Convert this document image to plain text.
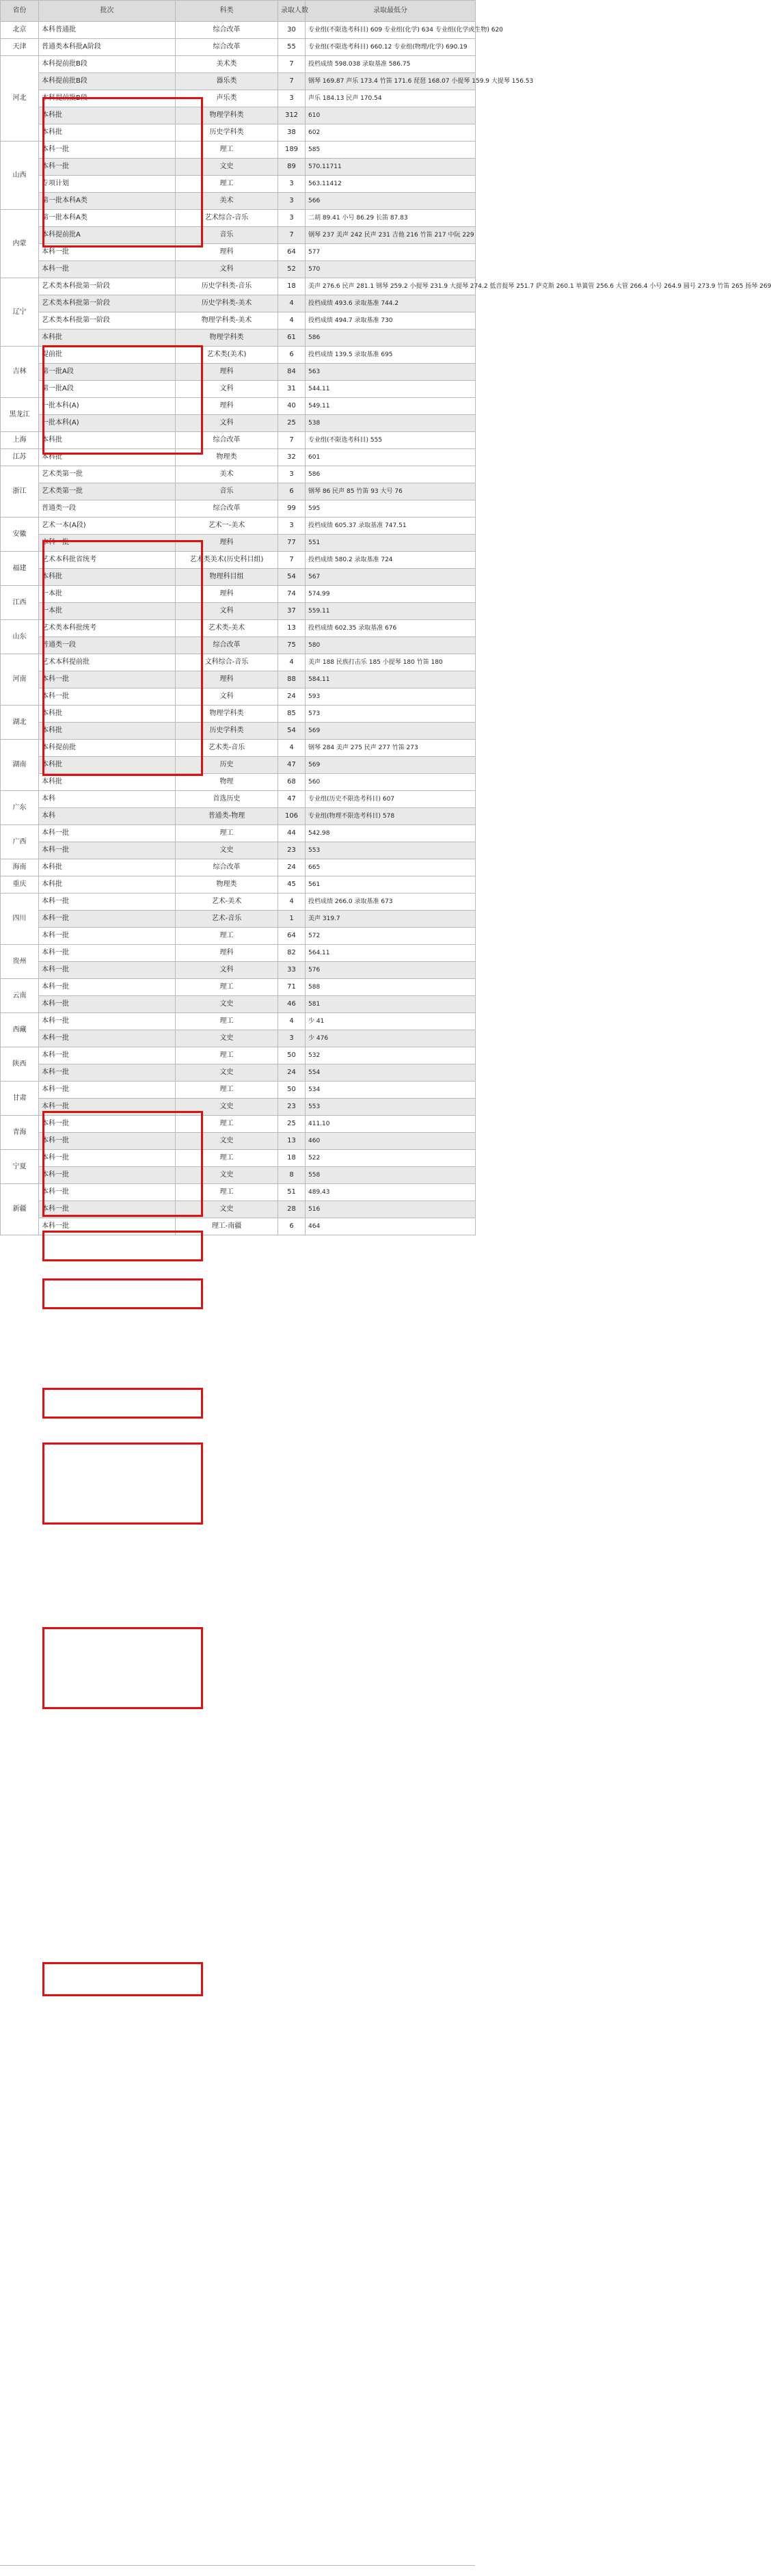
省份	批次	科类	录取人数	录取最低分
北京	本科普通批	综合改革	30	专业组(不限选考科目) 609 专业组(化学) 634 专业组(化学或生物) 620
天津	普通类本科批A阶段	综合改革	55	专业组(不限选考科目) 660.12 专业组(物理/化学) 690.19
河北	本科提前批B段	美术类	7	投档成绩 598.038 录取基准 586.75
	本科提前批B段	器乐类	7	钢琴 169.87 声乐 173.4 竹笛 171.6 琵琶 168.07 小提琴 159.9 大提琴 156.53
	本科提前批B段	声乐类	3	声乐 184.13 民声 170.54
	本科批	物理学科类	312	610
	本科批	历史学科类	38	602
山西	本科一批	理工	189	585
	本科一批	文史	89	570.11711
	专项计划	理工	3	563.11412
	第一批本科A类	美术	3	566
内蒙	第一批本科A类	艺术综合-音乐	3	二胡 89.41 小号 86.29 长笛 87.83
	本科提前批A	音乐	7	钢琴 237 美声 242 民声 231 吉他 216 竹笛 217 中阮 229
	本科一批	理科	64	577
	本科一批	文科	52	570
辽宁	艺术类本科批第一阶段	历史学科类-音乐	18	美声 276.6 民声 281.1 钢琴 259.2 小提琴 231.9 大提琴 274.2 低音提琴 251.7 萨克斯 260.1 单簧管 256.6 大管 266.4 小号 264.9 圆号 273.9 竹笛 265 扬琴 269
	艺术类本科批第一阶段	历史学科类-美术	4	投档成绩 493.6 录取基准 744.2
	艺术类本科批第一阶段	物理学科类-美术	4	投档成绩 494.7 录取基准 730
	本科批	物理学科类	61	586
吉林	提前批	艺术类(美术)	6	投档成绩 139.5 录取基准 695
	第一批A段	理科	84	563
	第一批A段	文科	31	544.11
黑龙江	一批本科(A)	理科	40	549.11
	一批本科(A)	文科	25	538
上海	本科批	综合改革	7	专业组(不限选考科目) 555
江苏	本科批	物理类	32	601
浙江	艺术类第一批	美术	3	586
	艺术类第一批	音乐	6	钢琴 86 民声 85 竹笛 93 大号 76
	普通类一段	综合改革	99	595
安徽	艺术一本(A段)	艺术一-美术	3	投档成绩 605.37 录取基准 747.51
	本科一批	理科	77	551
福建	艺术本科批省统考	艺术类美术(历史科目组)	7	投档成绩 580.2 录取基准 724
	本科批	物理科目组	54	567
江西	一本批	理科	74	574.99
	一本批	文科	37	559.11
山东	艺术类本科批统考	艺术类-美术	13	投档成绩 602.35 录取基准 676
	普通类一段	综合改革	75	580
河南	艺术本科提前批	文科综合-音乐	4	美声 188 民族打击乐 185 小提琴 180 竹笛 180
	本科一批	理科	88	584.11
	本科一批	文科	24	593
湖北	本科批	物理学科类	85	573
	本科批	历史学科类	54	569
湖南	本科提前批	艺术类-音乐	4	钢琴 284 美声 275 民声 277 竹笛 273
	本科批	历史	47	569
	本科批	物理	68	560
广东	本科	首选历史	47	专业组(历史不限选考科目) 607
	本科	普通类-物理	106	专业组(物理不限选考科目) 578
广西	本科一批	理工	44	542.98
	本科一批	文史	23	553
海南	本科批	综合改革	24	665
重庆	本科批	物理类	45	561
四川	本科一批	艺术-美术	4	投档成绩 266.0 录取基准 673
	本科一批	艺术-音乐	1	美声 319.7
	本科一批	理工	64	572
贵州	本科一批	理科	82	564.11
	本科一批	文科	33	576
云南	本科一批	理工	71	588
	本科一批	文史	46	581
西藏	本科一批	理工	4	少 41
	本科一批	文史	3	少 476
陕西	本科一批	理工	50	532
	本科一批	文史	24	554
甘肃	本科一批	理工	50	534
	本科一批	文史	23	553
青海	本科一批	理工	25	411.10
	本科一批	文史	13	460
宁夏	本科一批	理工	18	522
	本科一批	文史	8	558
新疆	本科一批	理工	51	489.43
	本科一批	文史	28	516
	本科一批	理工-南疆	6	464
